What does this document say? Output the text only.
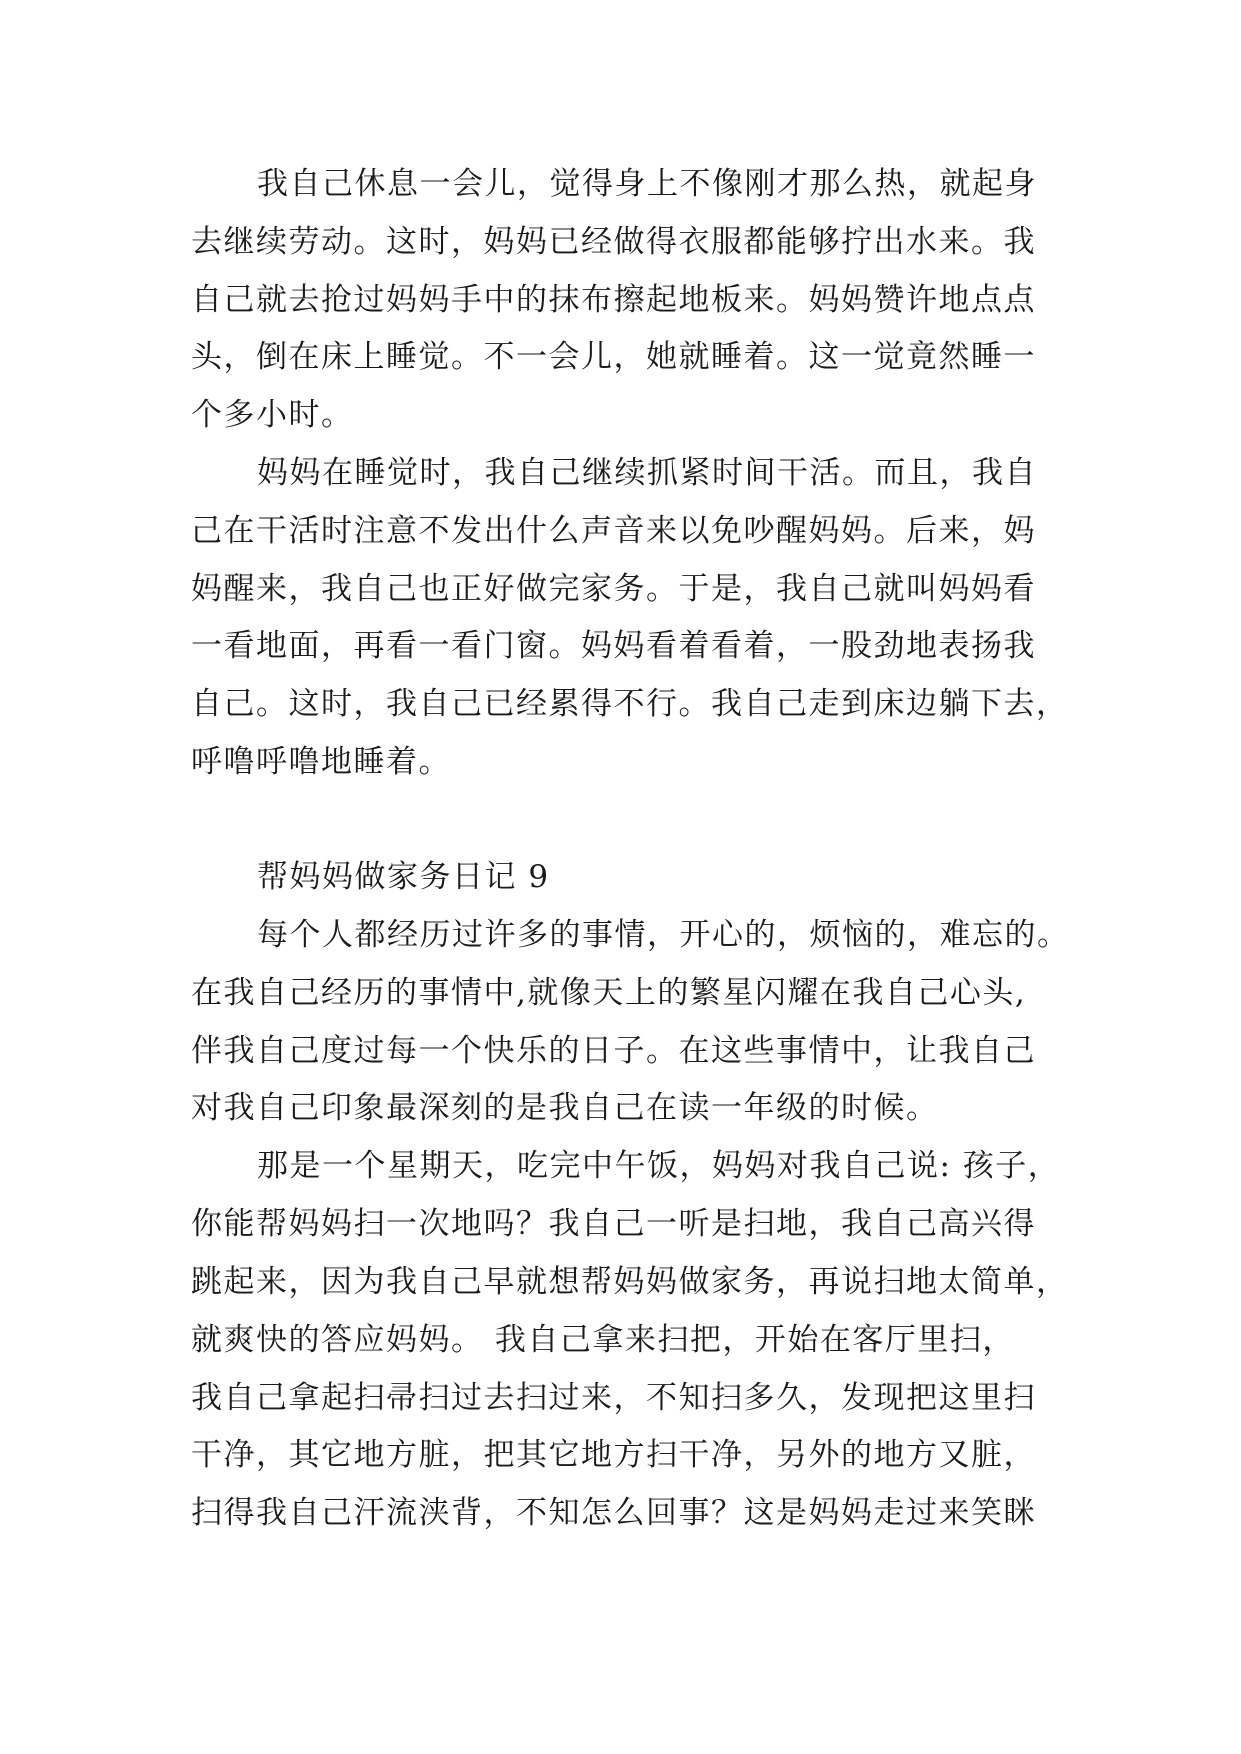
我自己休息一会儿，觉得身上不像刚才那么热，就起身

去继续劳动。这时，妈妈已经做得衣服都能够拧出水来。我

自己就去抢过妈妈手中的抹布擦起地板来。妈妈赞许地点点

头，倒在床上睡觉。不一会儿，她就睡着。这一觉竟然睡一

个多小时。

妈妈在睡觉时，我自己继续抓紧时间干活。而且，我自

己在干活时注意不发出什么声音来以免吵醒妈妈。后来，妈

妈醒来，我自己也正好做完家务。于是，我自己就叫妈妈看

一看地面，再看一看门窗。妈妈看着看着，一股劲地表扬我

自己。这时，我自己已经累得不行。我自己走到床边躺下去，

呼噜呼噜地睡着。

帮妈妈做家务日记 9

每个人都经历过许多的事情，开心的，烦恼的，难忘的。

在我自己经历的事情中,就像天上的繁星闪耀在我自己心头,

伴我自己度过每一个快乐的日子。在这些事情中，让我自己

对我自己印象最深刻的是我自己在读一年级的时候。

那是一个星期天，吃完中午饭，妈妈对我自己说: 孩子，

你能帮妈妈扫一次地吗？我自己一听是扫地，我自己高兴得

跳起来，因为我自己早就想帮妈妈做家务，再说扫地太简单，

就爽快的答应妈妈。 我自己拿来扫把，开始在客厅里扫，

我自己拿起扫帚扫过去扫过来，不知扫多久，发现把这里扫

干净，其它地方脏，把其它地方扫干净，另外的地方又脏，

扫得我自己汗流浃背，不知怎么回事？这是妈妈走过来笑眯
